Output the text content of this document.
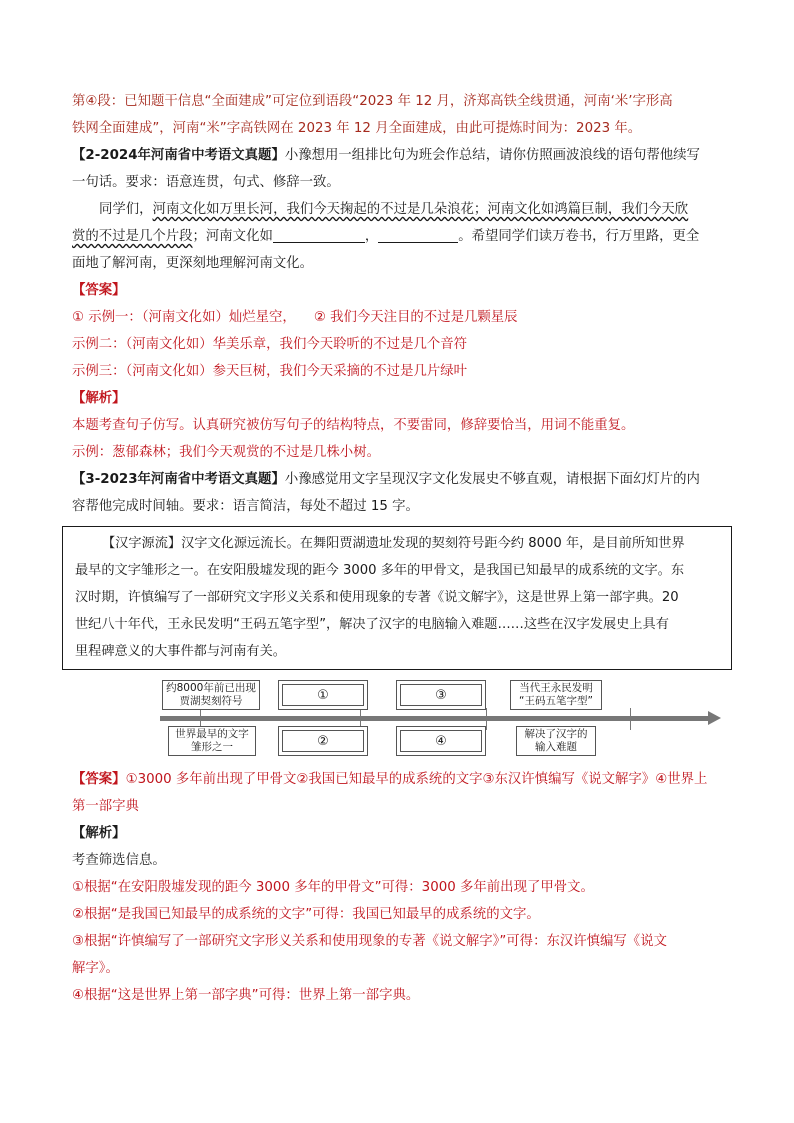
第④段：已知题干信息“全面建成”可定位到语段“2023 年 12 月，济郑高铁全线贯通，河南‘米’字形高
铁网全面建成”，河南“米”字高铁网在 2023 年 12 月全面建成，由此可提炼时间为：2023 年。
【2-2024年河南省中考语文真题】小豫想用一组排比句为班会作总结，请你仿照画波浪线的语句帮他续写
一句话。要求：语意连贯，句式、修辞一致。
同学们，河南文化如万里长河，我们今天掬起的不过是几朵浪花；河南文化如鸿篇巨制，我们今天欣
赏的不过是几个片段；河南文化如	，	。希望同学们读万卷书，行万里路，更全
面地了解河南，更深刻地理解河南文化。
【答案】
① 示例一：（河南文化如）灿烂星空， ② 我们今天注目的不过是几颗星辰
示例二：（河南文化如）华美乐章，我们今天聆听的不过是几个音符
示例三：（河南文化如）参天巨树，我们今天采摘的不过是几片绿叶
【解析】
本题考查句子仿写。认真研究被仿写句子的结构特点，不要雷同，修辞要恰当，用词不能重复。
示例：葱郁森林；我们今天观赏的不过是几株小树。
【3-2023年河南省中考语文真题】小豫感觉用文字呈现汉字文化发展史不够直观，请根据下面幻灯片的内
容帮他完成时间轴。要求：语言简洁，每处不超过 15 字。
【汉字源流】汉字文化源远流长。在舞阳贾湖遗址发现的契刻符号距今约 8000 年，是目前所知世界
最早的文字雏形之一。在安阳殷墟发现的距今 3000 多年的甲骨文，是我国已知最早的成系统的文字。东
汉时期，许慎编写了一部研究文字形义关系和使用现象的专著《说文解字》，这是世界上第一部字典。20
世纪八十年代，王永民发明“王码五笔字型”，解决了汉字的电脑输入难题……这些在汉字发展史上具有
里程碑意义的大事件都与河南有关。
约8000年前已出现
贾湖契刻符号
世界最早的文字
雏形之一
①
②
③
④
当代王永民发明
“王码五笔字型”
解决了汉字的
输入难题
【答案】①3000 多年前出现了甲骨文②我国已知最早的成系统的文字③东汉许慎编写《说文解字》④世界上
第一部字典
【解析】
考查筛选信息。
①根据“在安阳殷墟发现的距今 3000 多年的甲骨文”可得：3000 多年前出现了甲骨文。
②根据“是我国已知最早的成系统的文字”可得：我国已知最早的成系统的文字。
③根据“许慎编写了一部研究文字形义关系和使用现象的专著《说文解字》”可得：东汉许慎编写《说文
解字》。
④根据“这是世界上第一部字典”可得：世界上第一部字典。
